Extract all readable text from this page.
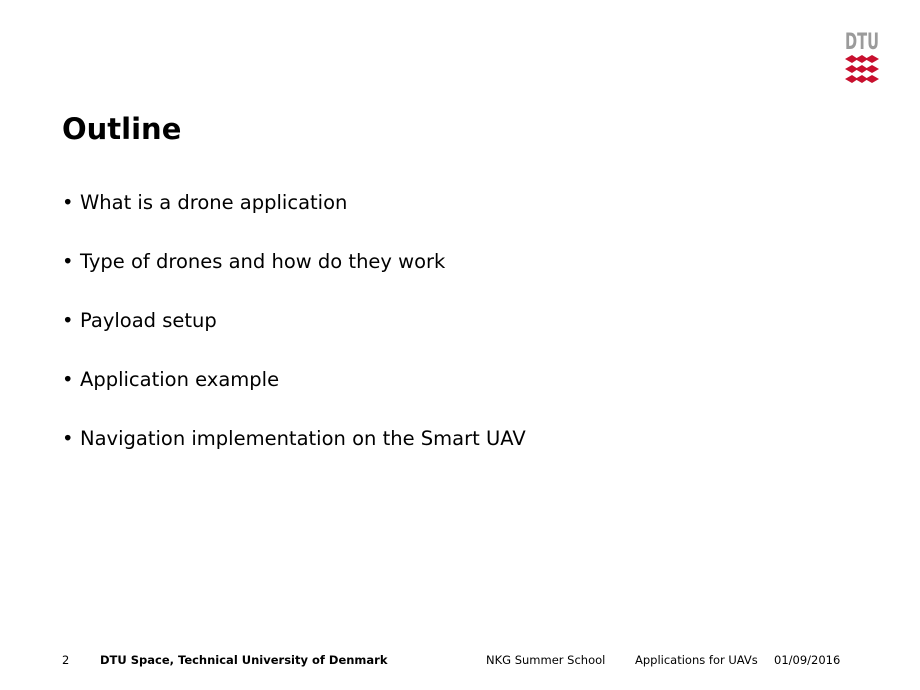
DTU
Outline
• What is a drone application
• Type of drones and how do they work
• Payload setup
• Application example
• Navigation implementation on the Smart UAV
2	DTU Space, Technical University of Denmark	NKG Summer School	Applications for UAVs 01/09/2016
